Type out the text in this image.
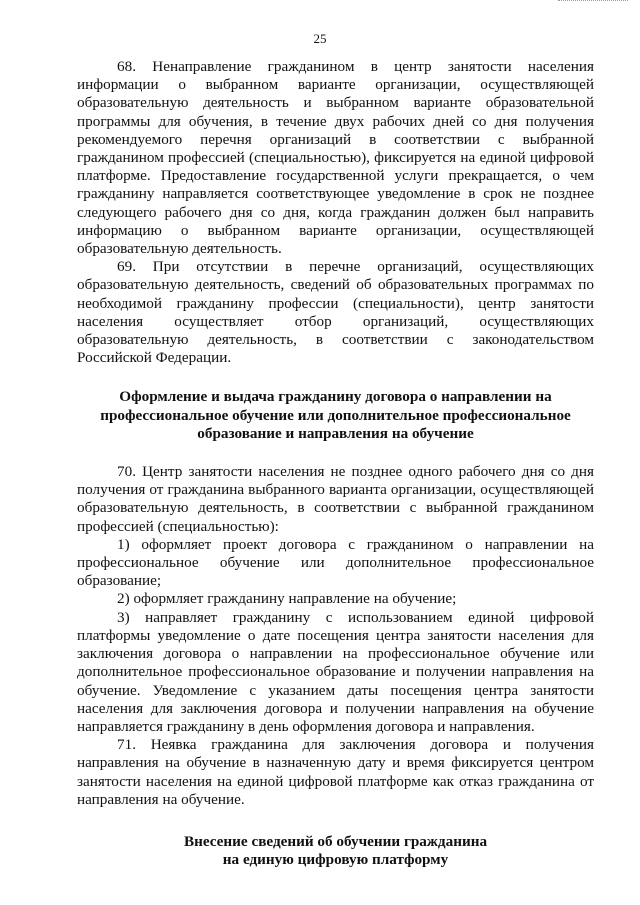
25

68. Ненаправление гражданином в центр занятости населения информации о выбранном варианте организации, осуществляющей образовательную деятельность и выбранном варианте образовательной программы для обучения, в течение двух рабочих дней со дня получения рекомендуемого перечня организаций в соответствии с выбранной гражданином профессией (специальностью), фиксируется на единой цифровой платформе. Предоставление государственной услуги прекращается, о чем гражданину направляется соответствующее уведомление в срок не позднее следующего рабочего дня со дня, когда гражданин должен был направить информацию о выбранном варианте организации, осуществляющей образовательную деятельность.

69. При отсутствии в перечне организаций, осуществляющих образовательную деятельность, сведений об образовательных программах по необходимой гражданину профессии (специальности), центр занятости населения осуществляет отбор организаций, осуществляющих образовательную деятельность, в соответствии с законодательством Российской Федерации.

Оформление и выдача гражданину договора о направлении на профессиональное обучение или дополнительное профессиональное образование и направления на обучение

70. Центр занятости населения не позднее одного рабочего дня со дня получения от гражданина выбранного варианта организации, осуществляющей образовательную деятельность, в соответствии с выбранной гражданином профессией (специальностью):

1) оформляет проект договора с гражданином о направлении на профессиональное обучение или дополнительное профессиональное образование;

2) оформляет гражданину направление на обучение;

3) направляет гражданину с использованием единой цифровой платформы уведомление о дате посещения центра занятости населения для заключения договора о направлении на профессиональное обучение или дополнительное профессиональное образование и получении направления на обучение. Уведомление с указанием даты посещения центра занятости населения для заключения договора и получении направления на обучение направляется гражданину в день оформления договора и направления.

71. Неявка гражданина для заключения договора и получения направления на обучение в назначенную дату и время фиксируется центром занятости населения на единой цифровой платформе как отказ гражданина от направления на обучение.

Внесение сведений об обучении гражданина
на единую цифровую платформу
